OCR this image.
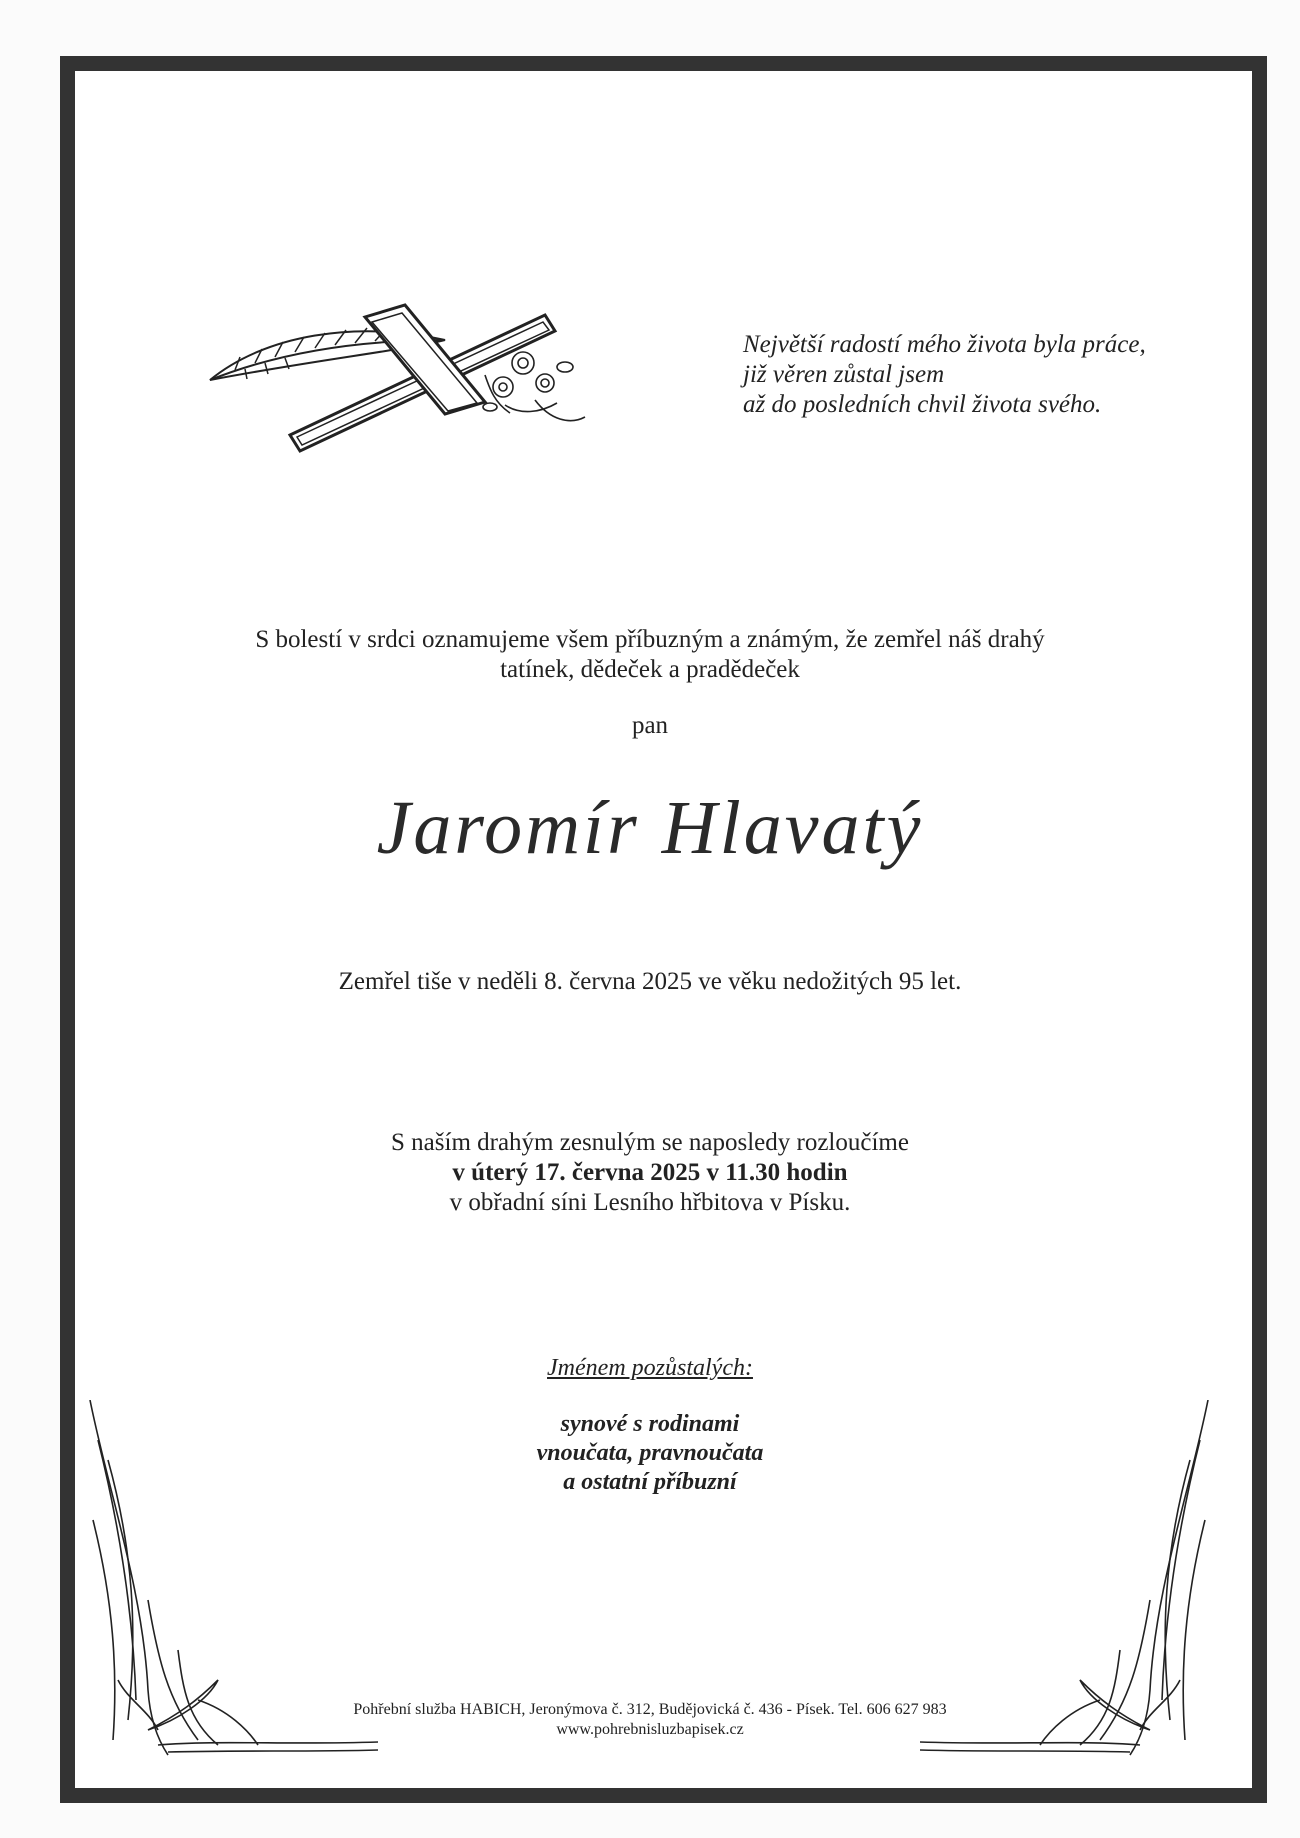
Největší radostí mého života byla práce,
již věren zůstal jsem
až do posledních chvil života svého.
S bolestí v srdci oznamujeme všem příbuzným a známým, že zemřel náš drahý
tatínek, dědeček a pradědeček
pan
Jaromír Hlavatý
Zemřel tiše v neděli 8. června 2025 ve věku nedožitých 95 let.
S naším drahým zesnulým se naposledy rozloučíme
v úterý 17. června 2025 v 11.30 hodin
v obřadní síni Lesního hřbitova v Písku.
Jménem pozůstalých:
synové s rodinami
vnoučata, pravnoučata
a ostatní příbuzní
Pohřební služba HABICH, Jeronýmova č. 312, Budějovická č. 436 - Písek. Tel. 606 627 983
www.pohrebnisluzbapisek.cz
